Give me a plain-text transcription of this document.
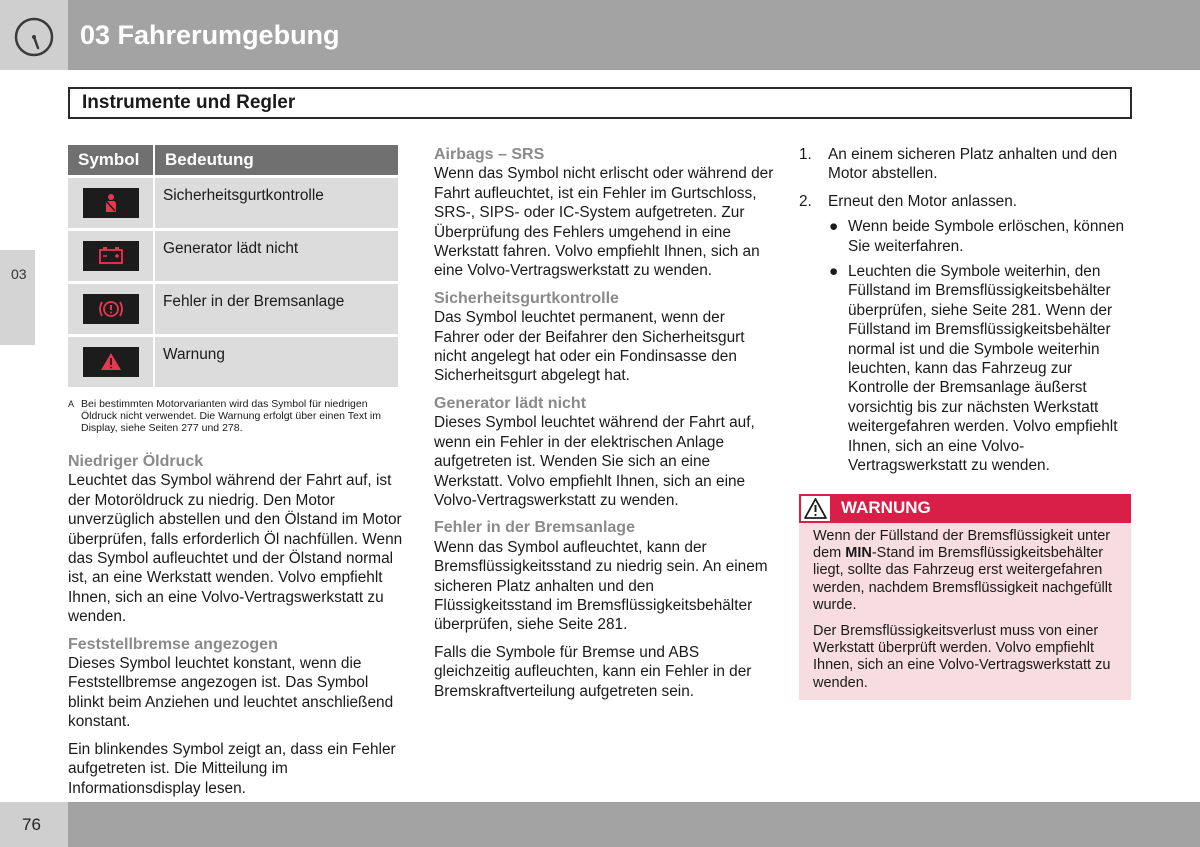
03 Fahrerumgebung
Instrumente und Regler
03
Symbol	Bedeutung

	Sicherheitsgurtkontrolle

	Generator lädt nicht

	Fehler in der Bremsanlage

	Warnung
A Bei bestimmten Motorvarianten wird das Symbol für niedrigen Öldruck nicht verwendet. Die Warnung erfolgt über einen Text im Display, siehe Seiten 277 und 278.

Niedriger Öldruck

Leuchtet das Symbol während der Fahrt auf, ist der Motoröldruck zu niedrig. Den Motor unverzüglich abstellen und den Ölstand im Motor überprüfen, falls erforderlich Öl nachfüllen. Wenn das Symbol aufleuchtet und der Ölstand normal ist, an eine Werkstatt wenden. Volvo empfiehlt Ihnen, sich an eine Volvo-Vertragswerkstatt zu wenden.

Feststellbremse angezogen

Dieses Symbol leuchtet konstant, wenn die Feststellbremse angezogen ist. Das Symbol blinkt beim Anziehen und leuchtet anschließend konstant.

Ein blinkendes Symbol zeigt an, dass ein Fehler aufgetreten ist. Die Mitteilung im Informationsdisplay lesen.

Airbags – SRS

Wenn das Symbol nicht erlischt oder während der Fahrt aufleuchtet, ist ein Fehler im Gurtschloss, SRS-, SIPS- oder IC-System aufgetreten. Zur Überprüfung des Fehlers umgehend in eine Werkstatt fahren. Volvo empfiehlt Ihnen, sich an eine Volvo-Vertragswerkstatt zu wenden.

Sicherheitsgurtkontrolle

Das Symbol leuchtet permanent, wenn der Fahrer oder der Beifahrer den Sicherheitsgurt nicht angelegt hat oder ein Fondinsasse den Sicherheitsgurt abgelegt hat.

Generator lädt nicht

Dieses Symbol leuchtet während der Fahrt auf, wenn ein Fehler in der elektrischen Anlage aufgetreten ist. Wenden Sie sich an eine Werkstatt. Volvo empfiehlt Ihnen, sich an eine Volvo-Vertragswerkstatt zu wenden.

Fehler in der Bremsanlage

Wenn das Symbol aufleuchtet, kann der Bremsflüssigkeitsstand zu niedrig sein. An einem sicheren Platz anhalten und den Flüssigkeitsstand im Bremsflüssigkeitsbehälter überprüfen, siehe Seite 281.

Falls die Symbole für Bremse und ABS gleichzeitig aufleuchten, kann ein Fehler in der Bremskraftverteilung aufgetreten sein.

1. An einem sicheren Platz anhalten und den Motor abstellen.
2. Erneut den Motor anlassen.
● Wenn beide Symbole erlöschen, können Sie weiterfahren.
● Leuchten die Symbole weiterhin, den Füllstand im Bremsflüssigkeitsbehälter überprüfen, siehe Seite 281. Wenn der Füllstand im Bremsflüssigkeitsbehälter normal ist und die Symbole weiterhin leuchten, kann das Fahrzeug zur Kontrolle der Bremsanlage äußerst vorsichtig bis zur nächsten Werkstatt weitergefahren werden. Volvo empfiehlt Ihnen, sich an eine Volvo-Vertragswerkstatt zu wenden.
WARNUNG

Wenn der Füllstand der Bremsflüssigkeit unter dem MIN-Stand im Bremsflüssigkeitsbehälter liegt, sollte das Fahrzeug erst weitergefahren werden, nachdem Bremsflüssigkeit nachgefüllt wurde.

Der Bremsflüssigkeitsverlust muss von einer Werkstatt überprüft werden. Volvo empfiehlt Ihnen, sich an eine Volvo-Vertragswerkstatt zu wenden.

76
